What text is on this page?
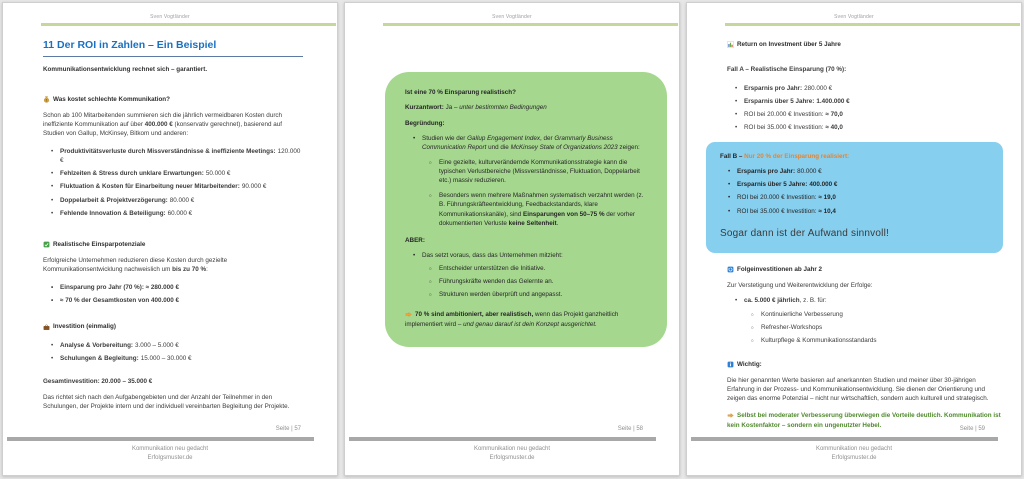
Sven Vogtländer
11 Der ROI in Zahlen – Ein Beispiel
Kommunikationsentwicklung rechnet sich – garantiert.
Was kostet schlechte Kommunikation?
Schon ab 100 Mitarbeitenden summieren sich die jährlich vermeidbaren Kosten durch ineffiziente Kommunikation auf über 400.000 € (konservativ gerechnet), basierend auf Studien von Gallup, McKinsey, Bitkom und anderen:
• Produktivitätsverluste durch Missverständnisse & ineffiziente Meetings: 120.000 €
• Fehlzeiten & Stress durch unklare Erwartungen: 50.000 €
• Fluktuation & Kosten für Einarbeitung neuer Mitarbeitender: 90.000 €
• Doppelarbeit & Projektverzögerung: 80.000 €
• Fehlende Innovation & Beteiligung: 60.000 €
Realistische Einsparpotenziale
Erfolgreiche Unternehmen reduzieren diese Kosten durch gezielte Kommunikationsentwicklung nachweislich um bis zu 70 %:
• Einsparung pro Jahr (70 %): ≈ 280.000 €
• ≈ 70 % der Gesamtkosten von 400.000 €
Investition (einmalig)
• Analyse & Vorbereitung: 3.000 – 5.000 €
• Schulungen & Begleitung: 15.000 – 30.000 €
Gesamtinvestition: 20.000 – 35.000 €
Das richtet sich nach den Aufgabengebieten und der Anzahl der Teilnehmer in den Schulungen, der Projekte intern und der individuell vereinbarten Begleitung der Projekte.
Seite | 57
Kommunikation neu gedacht
Erfolgsmuster.de
Sven Vogtländer
Ist eine 70 % Einsparung realistisch?
Kurzantwort: Ja – unter bestimmten Bedingungen
Begründung:
• Studien wie der Gallup Engagement Index, der Grammarly Business Communication Report und die McKinsey State of Organizations 2023 zeigen:
○ Eine gezielte, kulturverändernde Kommunikationsstrategie kann die typischen Verlustbereiche (Missverständnisse, Fluktuation, Doppelarbeit etc.) massiv reduzieren.
○ Besonders wenn mehrere Maßnahmen systematisch verzahnt werden (z. B. Führungskräfteentwicklung, Feedbackstandards, klare Kommunikationskanäle), sind Einsparungen von 50–75 % der vorher dokumentierten Verluste keine Seltenheit.
ABER:
• Das setzt voraus, dass das Unternehmen mitzieht:
○ Entscheider unterstützen die Initiative.
○ Führungskräfte wenden das Gelernte an.
○ Strukturen werden überprüft und angepasst.
70 % sind ambitioniert, aber realistisch, wenn das Projekt ganzheitlich implementiert wird – und genau darauf ist dein Konzept ausgerichtet.
Seite | 58
Kommunikation neu gedacht
Erfolgsmuster.de
Sven Vogtländer
Return on Investment über 5 Jahre
Fall A – Realistische Einsparung (70 %):
• Ersparnis pro Jahr: 280.000 €
• Ersparnis über 5 Jahre: 1.400.000 €
• ROI bei 20.000 € Investition: ≈ 70,0
• ROI bei 35.000 € Investition: ≈ 40,0
Fall B – Nur 20 % der Einsparung realisiert:
• Ersparnis pro Jahr: 80.000 €
• Ersparnis über 5 Jahre: 400.000 €
• ROI bei 20.000 € Investition: ≈ 19,0
• ROI bei 35.000 € Investition: ≈ 10,4
Sogar dann ist der Aufwand sinnvoll!
Folgeinvestitionen ab Jahr 2
Zur Verstetigung und Weiterentwicklung der Erfolge:
• ca. 5.000 € jährlich, z. B. für:
○ Kontinuierliche Verbesserung
○ Refresher-Workshops
○ Kulturpflege & Kommunikationsstandards
Wichtig:
Die hier genannten Werte basieren auf anerkannten Studien und meiner über 30-jährigen Erfahrung in der Prozess- und Kommunikationsentwicklung. Sie dienen der Orientierung und zeigen das enorme Potenzial – nicht nur wirtschaftlich, sondern auch kulturell und strategisch.
Selbst bei moderater Verbesserung überwiegen die Vorteile deutlich. Kommunikation ist kein Kostenfaktor – sondern ein ungenutzter Hebel.
Seite | 59
Kommunikation neu gedacht
Erfolgsmuster.de
